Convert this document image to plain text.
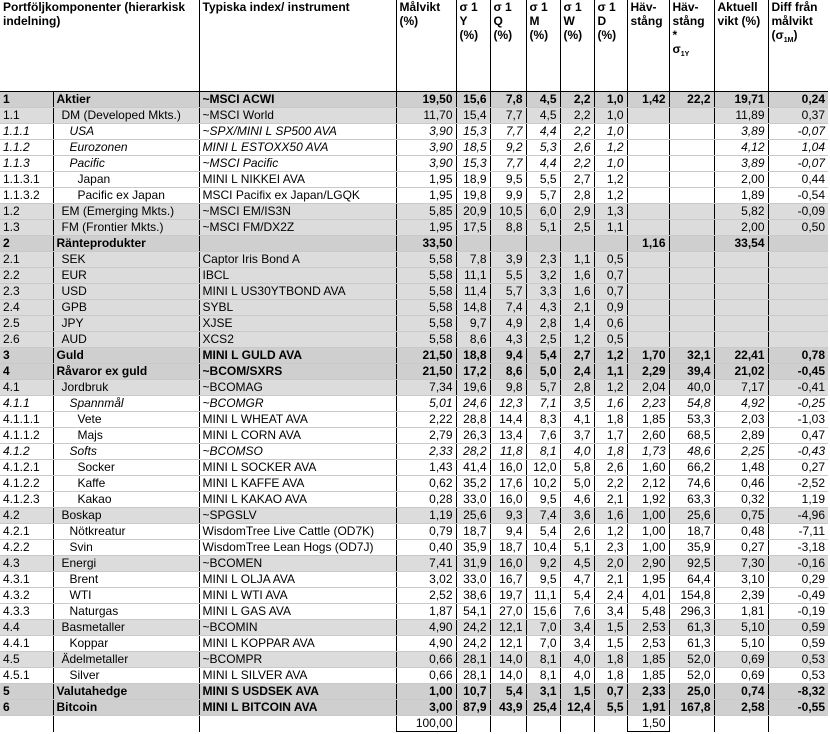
Portföljkomponenter (hierarkisk indelning)		Typiska index/ instrument	Målvikt (%)	σ 1 Y (%)	σ 1 Q (%)	σ 1 M (%)	σ 1 W (%)	σ 1 D (%)	Häv-stång	Häv-stång *
$\sigma_{1Y}$	Aktuell vikt (%)	Diff från målvikt $(\sigma_{1M})$
1	Aktier	~MSCI ACWI	19,50	15,6	7,8	4,5	2,2	1,0	1,42	22,2	19,71	0,24
1.1	DM (Developed Mkts.)	~MSCI World	11,70	15,4	7,7	4,5	2,2	1,0			11,89	0,37
1.1.1	USA	~SPX/MINI L SP500 AVA	3,90	15,3	7,7	4,4	2,2	1,0			3,89	-0,07
1.1.2	Eurozonen	MINI L ESTOXX50 AVA	3,90	18,5	9,2	5,3	2,6	1,2			4,12	1,04
1.1.3	Pacific	~MSCI Pacific	3,90	15,3	7,7	4,4	2,2	1,0			3,89	-0,07
1.1.3.1	Japan	MINI L NIKKEI AVA	1,95	18,9	9,5	5,5	2,7	1,2			2,00	0,44
1.1.3.2	Pacific ex Japan	MSCI Pacifix ex Japan/LGQK	1,95	19,8	9,9	5,7	2,8	1,2			1,89	-0,54
1.2	EM (Emerging Mkts.)	~MSCI EM/IS3N	5,85	20,9	10,5	6,0	2,9	1,3			5,82	-0,09
1.3	FM (Frontier Mkts.)	~MSCI FM/DX2Z	1,95	17,5	8,8	5,1	2,5	1,1			2,00	0,50
2	Ränteprodukter		33,50						1,16		33,54	
2.1	SEK	Captor Iris Bond A	5,58	7,8	3,9	2,3	1,1	0,5				
2.2	EUR	IBCL	5,58	11,1	5,5	3,2	1,6	0,7				
2.3	USD	MINI L US30YTBOND AVA	5,58	11,4	5,7	3,3	1,6	0,7				
2.4	GPB	SYBL	5,58	14,8	7,4	4,3	2,1	0,9				
2.5	JPY	XJSE	5,58	9,7	4,9	2,8	1,4	0,6				
2.6	AUD	XCS2	5,58	8,6	4,3	2,5	1,2	0,5				
3	Guld	MINI L GULD AVA	21,50	18,8	9,4	5,4	2,7	1,2	1,70	32,1	22,41	0,78
4	Råvaror ex guld	~BCOM/SXRS	21,50	17,2	8,6	5,0	2,4	1,1	2,29	39,4	21,02	-0,45
4.1	Jordbruk	~BCOMAG	7,34	19,6	9,8	5,7	2,8	1,2	2,04	40,0	7,17	-0,41
4.1.1	Spannmål	~BCOMGR	5,01	24,6	12,3	7,1	3,5	1,6	2,23	54,8	4,92	-0,25
4.1.1.1	Vete	MINI L WHEAT AVA	2,22	28,8	14,4	8,3	4,1	1,8	1,85	53,3	2,03	-1,03
4.1.1.2	Majs	MINI L CORN AVA	2,79	26,3	13,4	7,6	3,7	1,7	2,60	68,5	2,89	0,47
4.1.2	Softs	~BCOMSO	2,33	28,2	11,8	8,1	4,0	1,8	1,73	48,6	2,25	-0,43
4.1.2.1	Socker	MINI L SOCKER AVA	1,43	41,4	16,0	12,0	5,8	2,6	1,60	66,2	1,48	0,27
4.1.2.2	Kaffe	MINI L KAFFE AVA	0,62	35,2	17,6	10,2	5,0	2,2	2,12	74,6	0,46	-2,52
4.1.2.3	Kakao	MINI L KAKAO AVA	0,28	33,0	16,0	9,5	4,6	2,1	1,92	63,3	0,32	1,19
4.2	Boskap	~SPGSLV	1,19	25,6	9,3	7,4	3,6	1,6	1,00	25,6	0,75	-4,96
4.2.1	Nötkreatur	WisdomTree Live Cattle (OD7K)	0,79	18,7	9,4	5,4	2,6	1,2	1,00	18,7	0,48	-7,11
4.2.2	Svin	WisdomTree Lean Hogs (OD7J)	0,40	35,9	18,7	10,4	5,1	2,3	1,00	35,9	0,27	-3,18
4.3	Energi	~BCOMEN	7,41	31,9	16,0	9,2	4,5	2,0	2,90	92,5	7,30	-0,16
4.3.1	Brent	MINI L OLJA AVA	3,02	33,0	16,7	9,5	4,7	2,1	1,95	64,4	3,10	0,29
4.3.2	WTI	MINI L WTI AVA	2,52	38,6	19,7	11,1	5,4	2,4	4,01	154,8	2,39	-0,49
4.3.3	Naturgas	MINI L GAS AVA	1,87	54,1	27,0	15,6	7,6	3,4	5,48	296,3	1,81	-0,19
4.4	Basmetaller	~BCOMIN	4,90	24,2	12,1	7,0	3,4	1,5	2,53	61,3	5,10	0,59
4.4.1	Koppar	MINI L KOPPAR AVA	4,90	24,2	12,1	7,0	3,4	1,5	2,53	61,3	5,10	0,59
4.5	Ädelmetaller	~BCOMPR	0,66	28,1	14,0	8,1	4,0	1,8	1,85	52,0	0,69	0,53
4.5.1	Silver	MINI L SILVER AVA	0,66	28,1	14,0	8,1	4,0	1,8	1,85	52,0	0,69	0,53
5	Valutahedge	MINI S USDSEK AVA	1,00	10,7	5,4	3,1	1,5	0,7	2,33	25,0	0,74	-8,32
6	Bitcoin	MINI L BITCOIN AVA	3,00	87,9	43,9	25,4	12,4	5,5	1,91	167,8	2,58	-0,55
			100,00						1,50			
